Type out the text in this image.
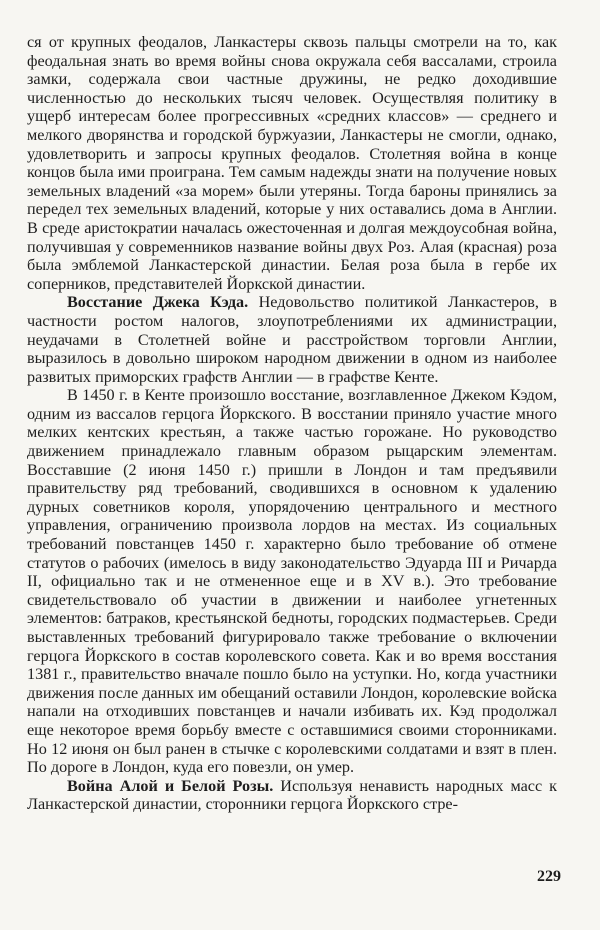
ся от крупных феодалов, Ланкастеры сквозь пальцы смотрели на то, как феодальная знать во время войны снова окружала себя вассалами, строила замки, содержала свои частные дружины, не редко доходившие численностью до нескольких тысяч человек. Осуществляя политику в ущерб интересам более прогрессивных «средних классов» — среднего и мелкого дворянства и городской буржуазии, Ланкастеры не смогли, однако, удовлетворить и запросы крупных феодалов. Столетняя война в конце концов была ими проиграна. Тем самым надежды знати на получение новых земельных владений «за морем» были утеряны. Тогда бароны принялись за передел тех земельных владений, которые у них оставались дома в Англии. В среде аристократии началась ожесточенная и долгая междоусобная война, получившая у современников название войны двух Роз. Алая (красная) роза была эмблемой Ланкастерской династии. Белая роза была в гербе их соперников, представителей Йоркской династии.

Восстание Джека Кэда. Недовольство политикой Ланкастеров, в частности ростом налогов, злоупотреблениями их администрации, неудачами в Столетней войне и расстройством торговли Англии, выразилось в довольно широком народном движении в одном из наиболее развитых приморских графств Англии — в графстве Кенте.

В 1450 г. в Кенте произошло восстание, возглавленное Джеком Кэдом, одним из вассалов герцога Йоркского. В восстании приняло участие много мелких кентских крестьян, а также частью горожане. Но руководство движением принадлежало главным образом рыцарским элементам. Восставшие (2 июня 1450 г.) пришли в Лондон и там предъявили правительству ряд требований, сводившихся в основном к удалению дурных советников короля, упорядочению центрального и местного управления, ограничению произвола лордов на местах. Из социальных требований повстанцев 1450 г. характерно было требование об отмене статутов о рабочих (имелось в виду законодательство Эдуарда III и Ричарда II, официально так и не отмененное еще и в XV в.). Это требование свидетельствовало об участии в движении и наиболее угнетенных элементов: батраков, крестьянской бедноты, городских подмастерьев. Среди выставленных требований фигурировало также требование о включении герцога Йоркского в состав королевского совета. Как и во время восстания 1381 г., правительство вначале пошло было на уступки. Но, когда участники движения после данных им обещаний оставили Лондон, королевские войска напали на отходивших повстанцев и начали избивать их. Кэд продолжал еще некоторое время борьбу вместе с оставшимися своими сторонниками. Но 12 июня он был ранен в стычке с королевскими солдатами и взят в плен. По дороге в Лондон, куда его повезли, он умер.

Война Алой и Белой Розы. Используя ненависть народных масс к Ланкастерской династии, сторонники герцога Йоркского стре-

229
